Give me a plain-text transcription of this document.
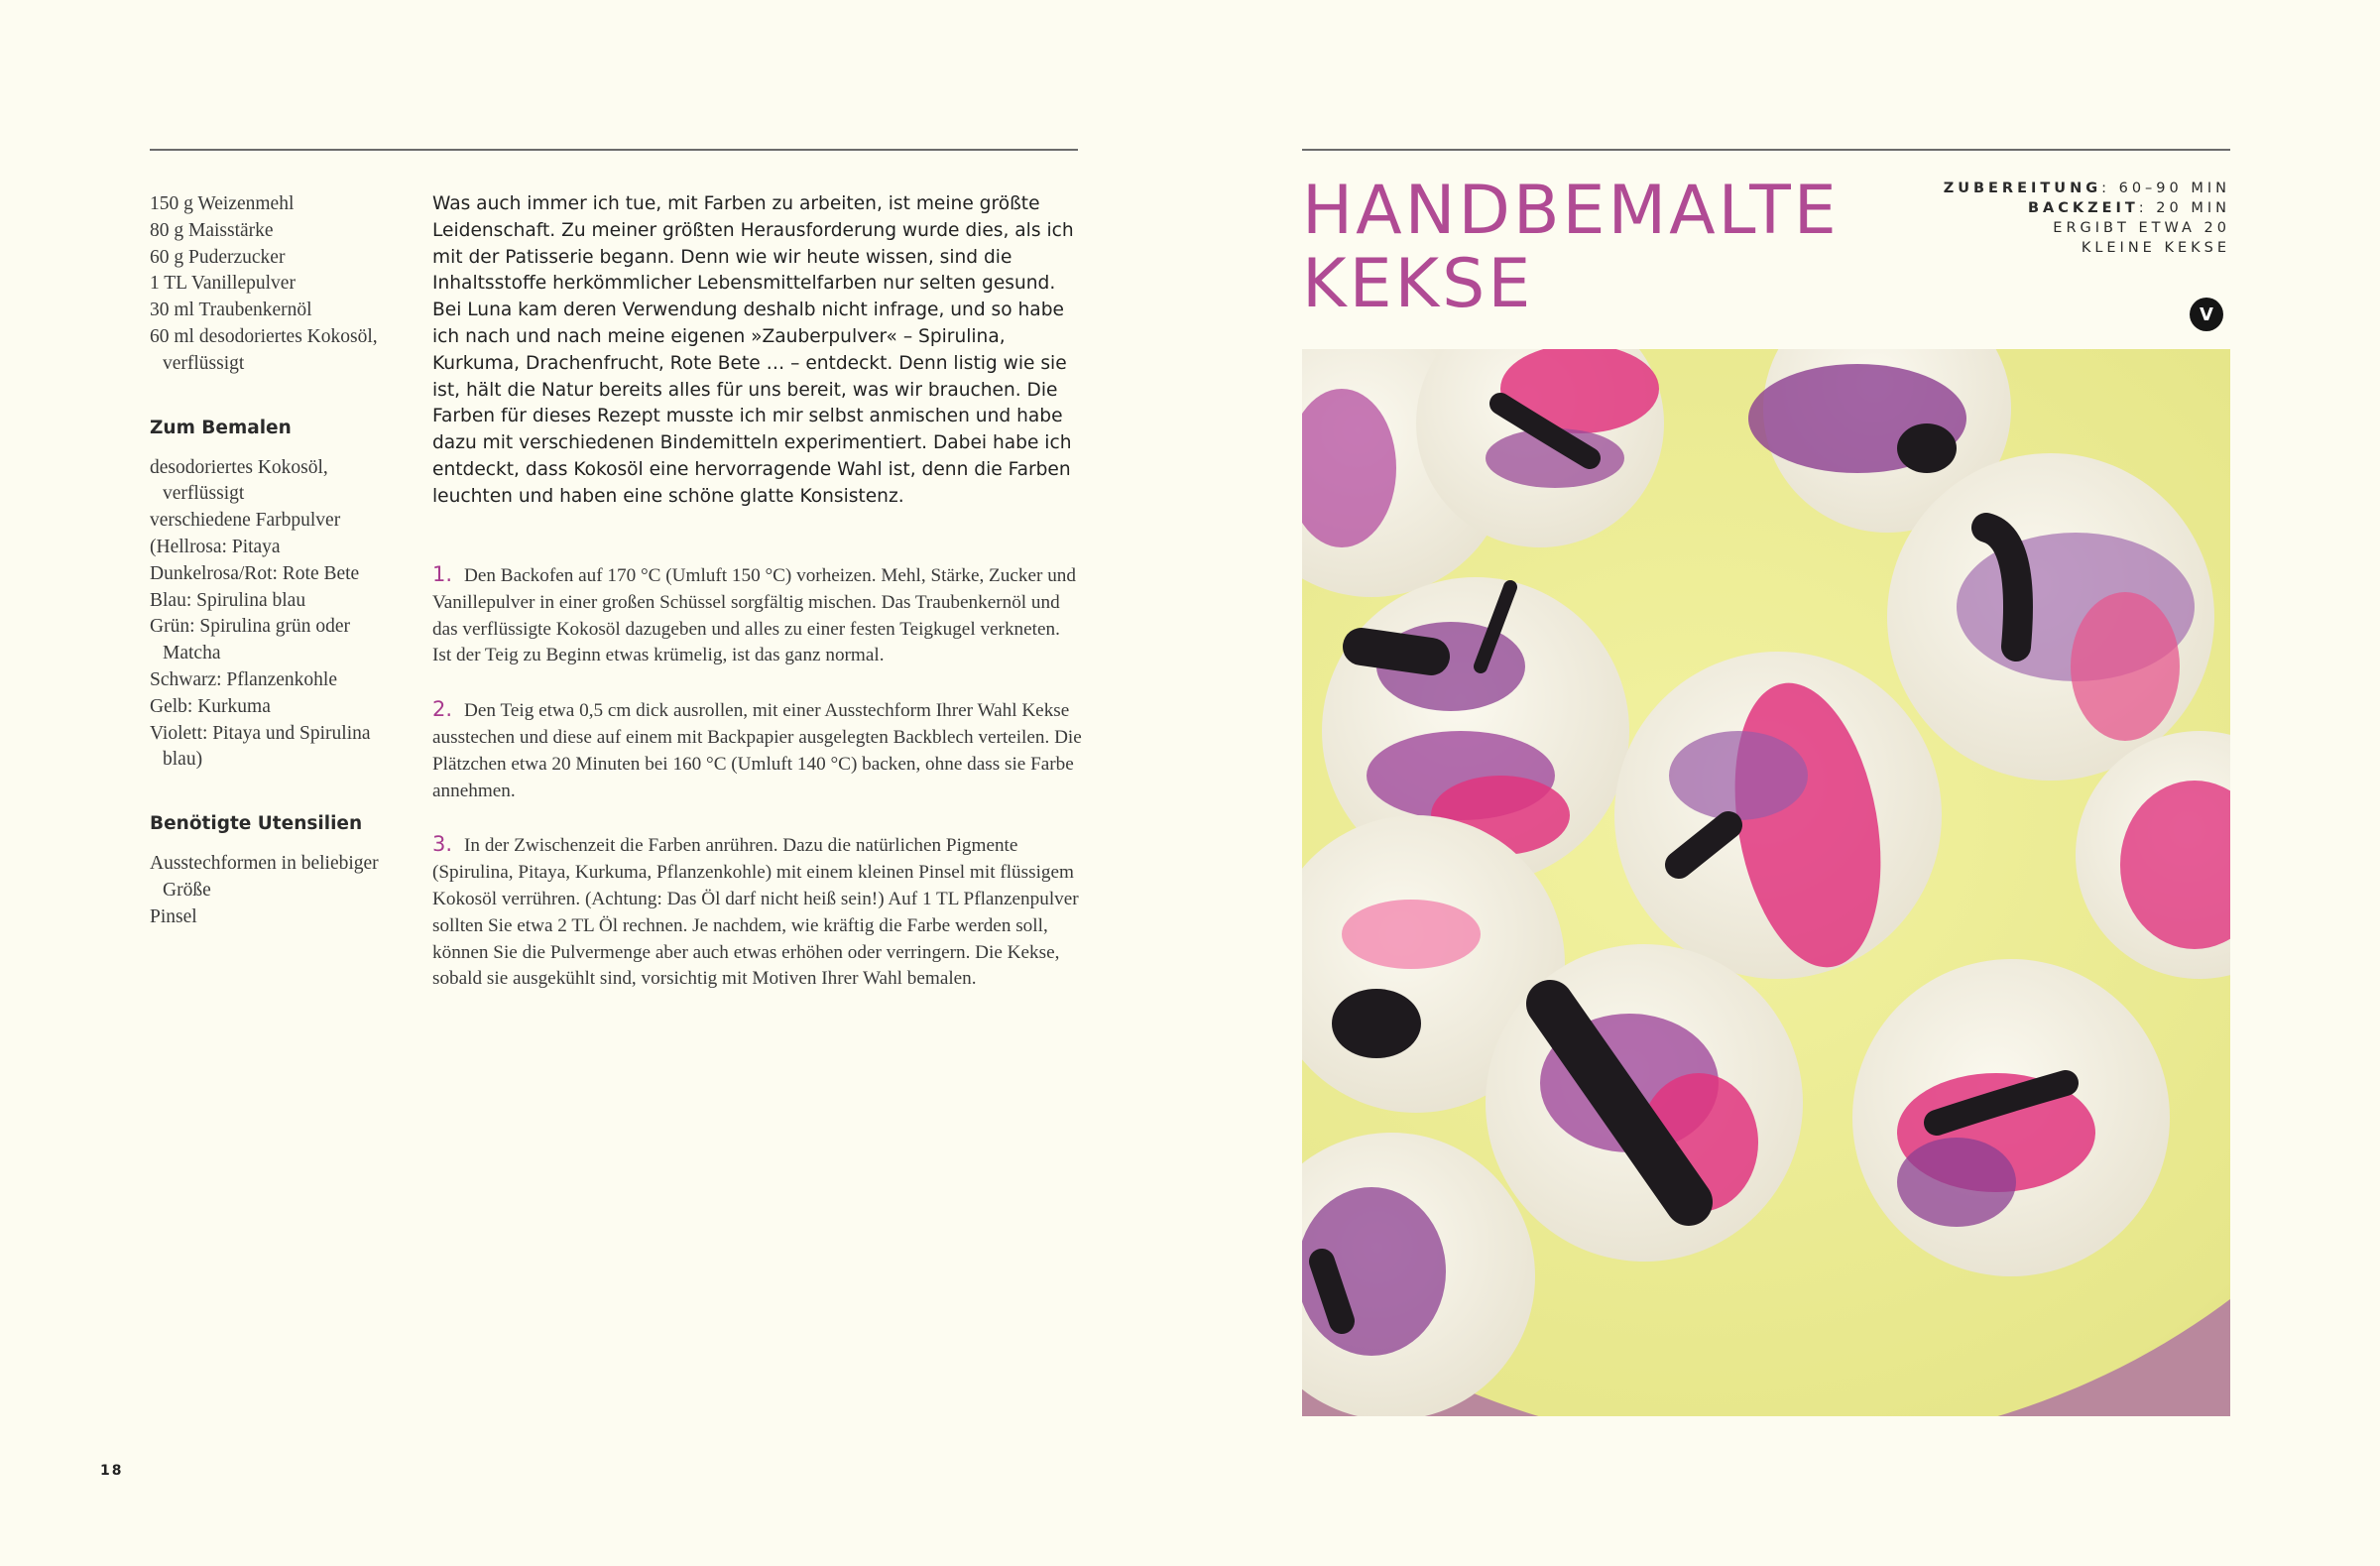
150 g Weizenmehl

80 g Maisstärke

60 g Puderzucker

1 TL Vanillepulver

30 ml Traubenkernöl

60 ml desodoriertes Kokosöl, verflüssigt

Zum Bemalen

desodoriertes Kokosöl, verflüssigt

verschiedene Farbpulver

(Hellrosa: Pitaya

Dunkelrosa/Rot: Rote Bete

Blau: Spirulina blau

Grün: Spirulina grün oder Matcha

Schwarz: Pflanzenkohle

Gelb: Kurkuma

Violett: Pitaya und Spirulina blau)

Benötigte Utensilien

Ausstechformen in beliebiger Größe

Pinsel

Was auch immer ich tue, mit Farben zu arbeiten, ist meine größte Leidenschaft. Zu meiner größten Herausforderung wurde dies, als ich mit der Patisserie begann. Denn wie wir heute wissen, sind die Inhaltsstoffe herkömmlicher Lebensmittelfarben nur selten gesund. Bei Luna kam deren Verwendung deshalb nicht infrage, und so habe ich nach und nach meine eigenen »Zauberpulver« – Spirulina, Kurkuma, Drachenfrucht, Rote Bete … – entdeckt. Denn listig wie sie ist, hält die Natur bereits alles für uns bereit, was wir brauchen. Die Farben für dieses Rezept musste ich mir selbst anmischen und habe dazu mit verschiedenen Bindemitteln experimentiert. Dabei habe ich entdeckt, dass Kokosöl eine hervorragende Wahl ist, denn die Farben leuchten und haben eine schöne glatte Konsistenz.

1. Den Backofen auf 170 °C (Umluft 150 °C) vorheizen. Mehl, Stärke, Zucker und Vanillepulver in einer großen Schüssel sorgfältig mischen. Das Traubenkernöl und das verflüssigte Kokosöl dazugeben und alles zu einer festen Teigkugel verkneten. Ist der Teig zu Beginn etwas krümelig, ist das ganz normal.

2. Den Teig etwa 0,5 cm dick ausrollen, mit einer Ausstechform Ihrer Wahl Kekse ausstechen und diese auf einem mit Backpapier ausgelegten Backblech verteilen. Die Plätzchen etwa 20 Minuten bei 160 °C (Umluft 140 °C) backen, ohne dass sie Farbe annehmen.

3. In der Zwischenzeit die Farben anrühren. Dazu die natürlichen Pigmente (Spirulina, Pitaya, Kurkuma, Pflanzenkohle) mit einem kleinen Pinsel mit flüssigem Kokosöl verrühren. (Achtung: Das Öl darf nicht heiß sein!) Auf 1 TL Pflanzenpulver sollten Sie etwa 2 TL Öl rechnen. Je nachdem, wie kräftig die Farbe werden soll, können Sie die Pulvermenge aber auch etwas erhöhen oder verringern. Die Kekse, sobald sie ausgekühlt sind, vorsichtig mit Motiven Ihrer Wahl bemalen.

18
HANDBEMALTE
KEKSE
ZUBEREITUNG: 60–90 MIN
BACKZEIT: 20 MIN
ERGIBT ETWA 20
KLEINE KEKSE
V
